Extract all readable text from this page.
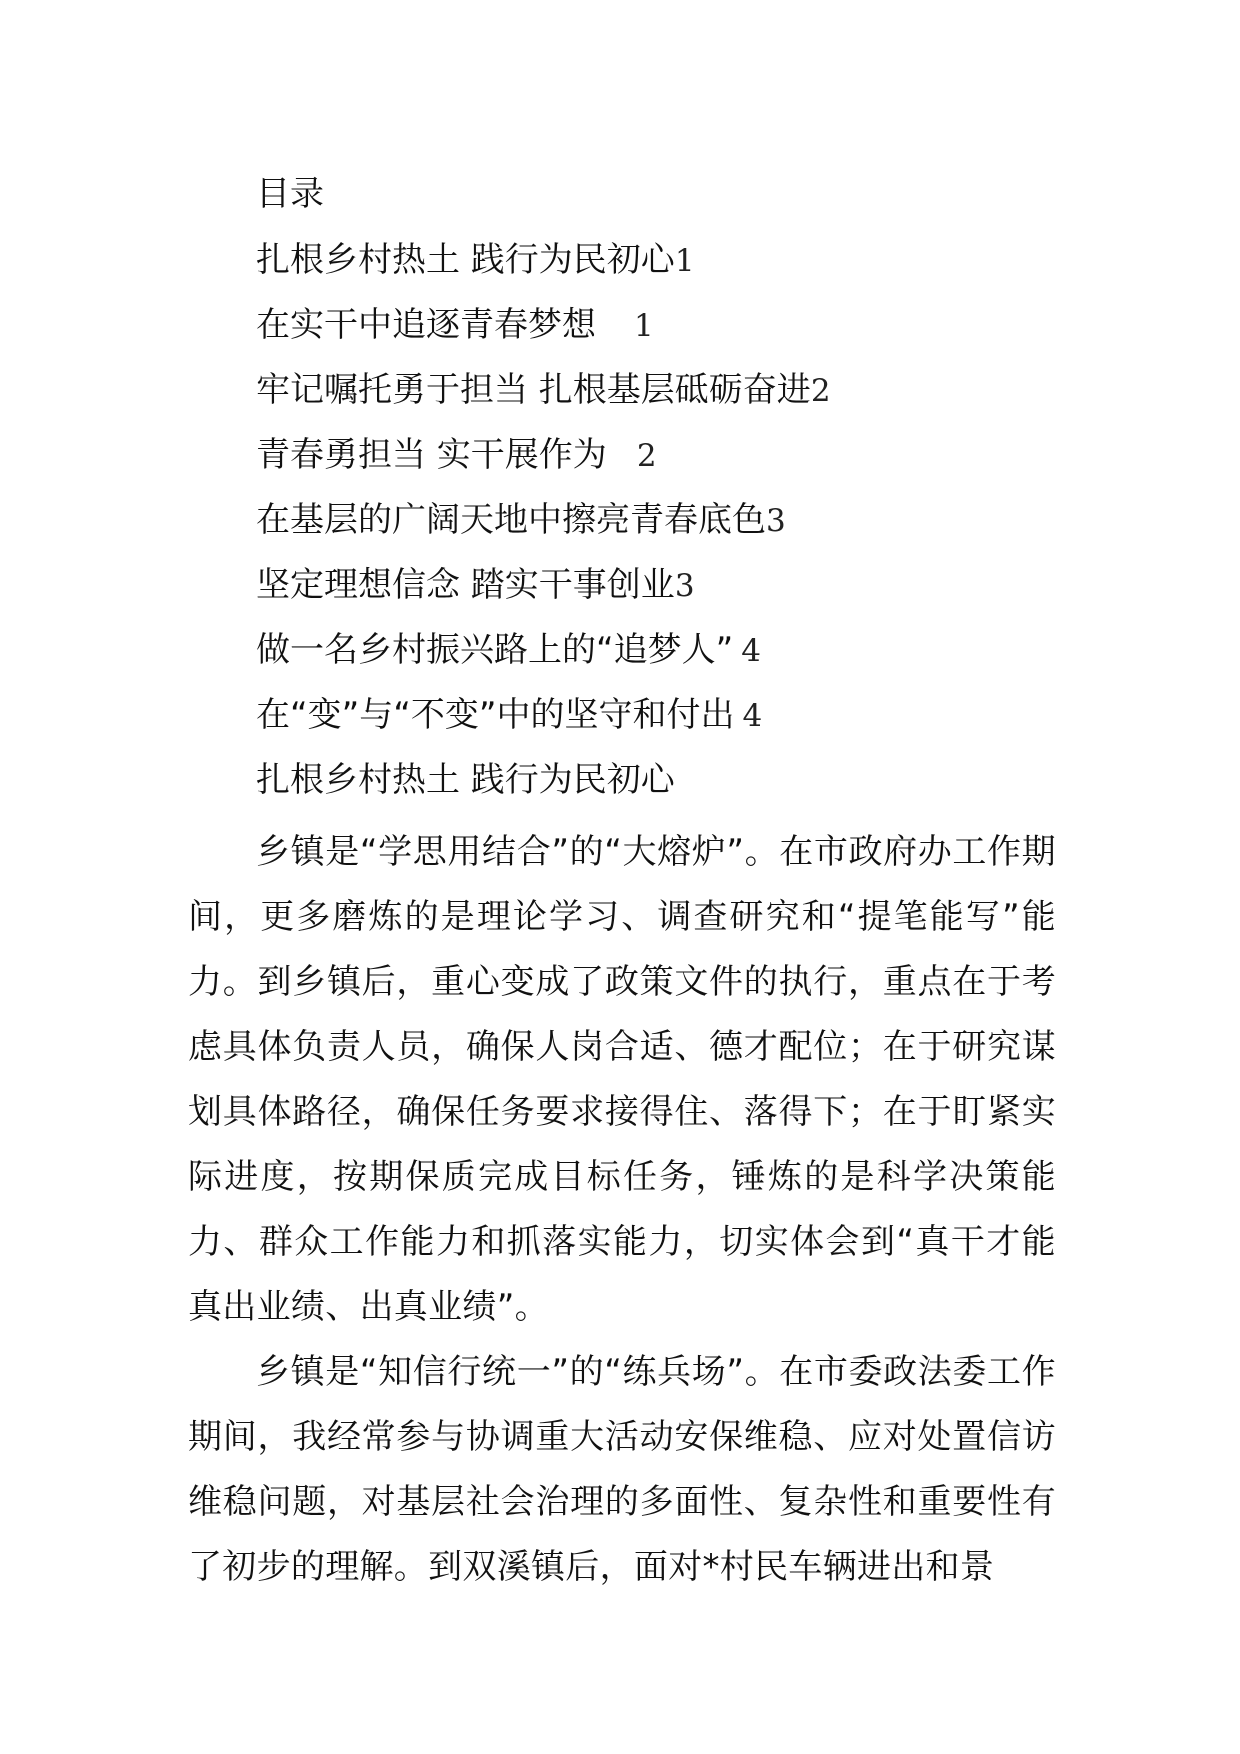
目录
扎根乡村热土 践行为民初心1
在实干中追逐青春梦想 1
牢记嘱托勇于担当 扎根基层砥砺奋进2
青春勇担当 实干展作为 2
在基层的广阔天地中擦亮青春底色3
坚定理想信念 踏实干事创业3
做一名乡村振兴路上的“追梦人” 4
在“变”与“不变”中的坚守和付出 4
扎根乡村热土 践行为民初心

乡镇是“学思用结合”的“大熔炉”。在市政府办工作期间，更多磨炼的是理论学习、调查研究和“提笔能写”能力。到乡镇后，重心变成了政策文件的执行，重点在于考虑具体负责人员，确保人岗合适、德才配位；在于研究谋划具体路径，确保任务要求接得住、落得下；在于盯紧实际进度，按期保质完成目标任务，锤炼的是科学决策能力、群众工作能力和抓落实能力，切实体会到“真干才能真出业绩、出真业绩”。

乡镇是“知信行统一”的“练兵场”。在市委政法委工作期间，我经常参与协调重大活动安保维稳、应对处置信访维稳问题，对基层社会治理的多面性、复杂性和重要性有了初步的理解。到双溪镇后，面对*村民车辆进出和景
